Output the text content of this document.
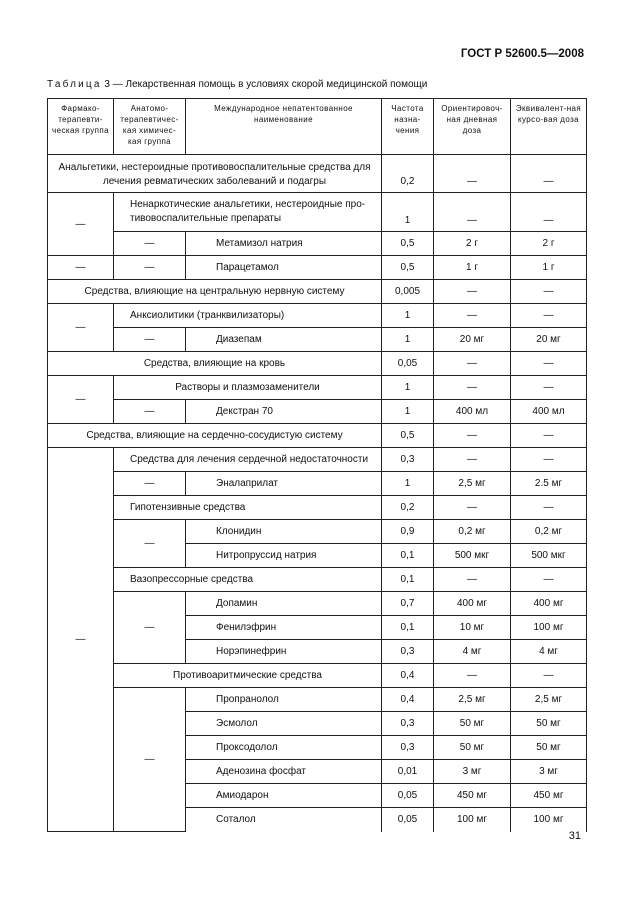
ГОСТ Р 52600.5—2008
Таблица 3 — Лекарственная помощь в условиях скорой медицинской помощи
Фармако-терапевти-ческая группа	Анатомо-терапевтичес-кая химичес-кая группа	Международное непатентованное наименование	Частота назна-чения	Ориентировоч-ная дневная доза	Эквивалент-ная курсо-вая доза
Анальгетики, нестероидные противовоспалительные средства для лечения ревматических заболеваний и подагры			0,2	—	—
—	Ненаркотические анальгетики, нестероидные про-тивовоспалительные препараты		1	—	—
	—	Метамизол натрия	0,5	2 г	2 г
—	—	Парацетамол	0,5	1 г	1 г
Средства, влияющие на центральную нервную систему			0,005	—	—
—	Анксиолитики (транквилизаторы)		1	—	—
	—	Диазепам	1	20 мг	20 мг
Средства, влияющие на кровь			0,05	—	—
—	Растворы и плазмозаменители		1	—	—
	—	Декстран 70	1	400 мл	400 мл
Средства, влияющие на сердечно-сосудистую систему			0,5	—	—
—	Средства для лечения сердечной недостаточности		0,3	—	—
	—	Эналаприлат	1	2,5 мг	2.5 мг
	Гипотензивные средства		0,2	—	—
	—	Клонидин	0,9	0,2 мг	0,2 мг
		Нитропруссид натрия	0,1	500 мкг	500 мкг
	Вазопрессорные средства		0,1	—	—
	—	Допамин	0,7	400 мг	400 мг
		Фенилэфрин	0,1	10 мг	100 мг
		Норэпинефрин	0,3	4 мг	4 мг
	Противоаритмические средства		0,4	—	—
	—	Пропранолол	0,4	2,5 мг	2,5 мг
		Эсмолол	0,3	50 мг	50 мг
		Проксодолол	0,3	50 мг	50 мг
		Аденозина фосфат	0,01	3 мг	3 мг
		Амиодарон	0,05	450 мг	450 мг
		Соталол	0,05	100 мг	100 мг
31
